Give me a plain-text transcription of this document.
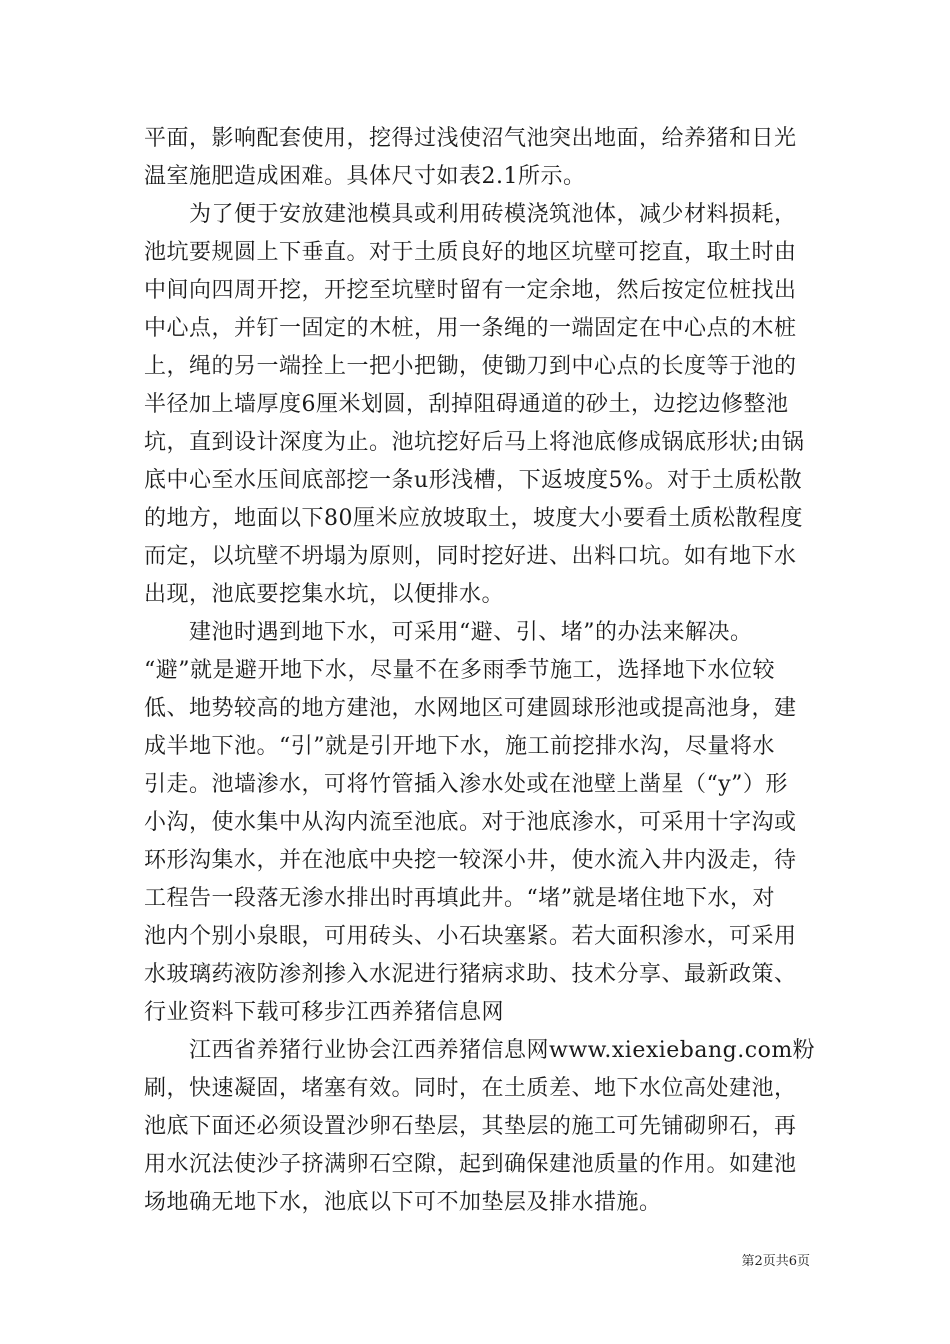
平面，影响配套使用，挖得过浅使沼气池突出地面，给养猪和日光

温室施肥造成困难。具体尺寸如表2.1所示。

　　为了便于安放建池模具或利用砖模浇筑池体，减少材料损耗，

池坑要规圆上下垂直。对于土质良好的地区坑壁可挖直，取土时由

中间向四周开挖，开挖至坑壁时留有一定余地，然后按定位桩找出

中心点，并钉一固定的木桩，用一条绳的一端固定在中心点的木桩

上，绳的另一端拴上一把小把锄，使锄刀到中心点的长度等于池的

半径加上墙厚度6厘米划圆，刮掉阻碍通道的砂土，边挖边修整池

坑，直到设计深度为止。池坑挖好后马上将池底修成锅底形状;由锅

底中心至水压间底部挖一条u形浅槽，下返坡度5%。对于土质松散

的地方，地面以下80厘米应放坡取土，坡度大小要看土质松散程度

而定，以坑壁不坍塌为原则，同时挖好进、出料口坑。如有地下水

出现，池底要挖集水坑，以便排水。

　　建池时遇到地下水，可采用“避、引、堵”的办法来解决。

“避”就是避开地下水，尽量不在多雨季节施工，选择地下水位较

低、地势较高的地方建池，水网地区可建圆球形池或提高池身，建

成半地下池。“引”就是引开地下水，施工前挖排水沟，尽量将水

引走。池墙渗水，可将竹管插入渗水处或在池壁上凿星（“y”）形

小沟，使水集中从沟内流至池底。对于池底渗水，可采用十字沟或

环形沟集水，并在池底中央挖一较深小井，使水流入井内汲走，待

工程告一段落无渗水排出时再填此井。“堵”就是堵住地下水，对

池内个别小泉眼，可用砖头、小石块塞紧。若大面积渗水，可采用

水玻璃药液防渗剂掺入水泥进行猪病求助、技术分享、最新政策、

行业资料下载可移步江西养猪信息网

　　江西省养猪行业协会江西养猪信息网www.xiexiebang.com粉

刷，快速凝固，堵塞有效。同时，在土质差、地下水位高处建池，

池底下面还必须设置沙卵石垫层，其垫层的施工可先铺砌卵石，再

用水沉法使沙子挤满卵石空隙，起到确保建池质量的作用。如建池

场地确无地下水，池底以下可不加垫层及排水措施。

第2页共6页
